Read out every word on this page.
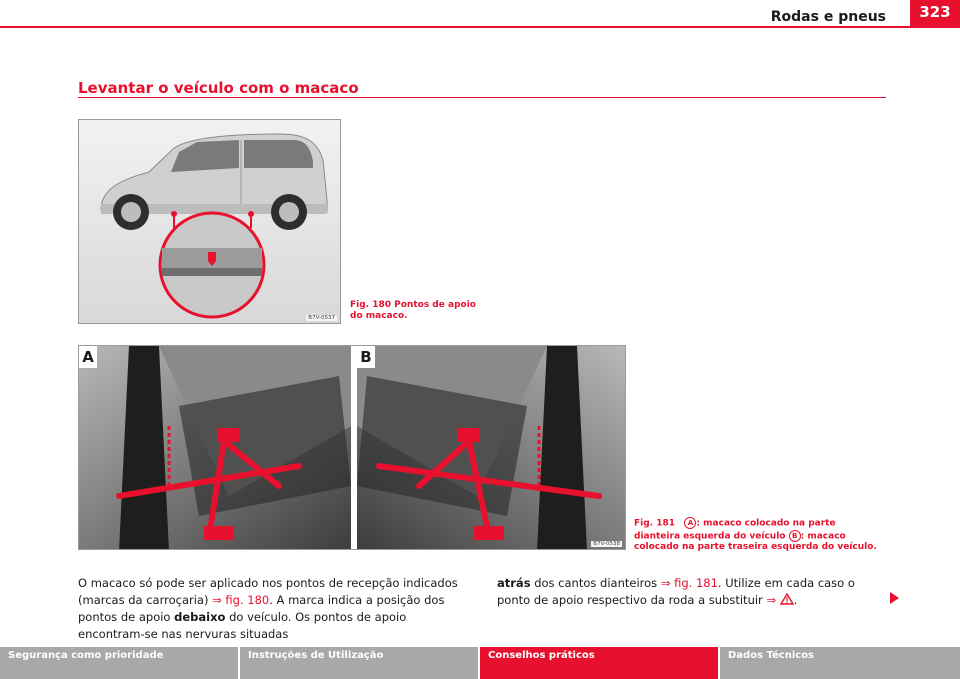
Rodas e pneus	323
Levantar o veículo com o macaco
B7V-0537
Fig. 180 Pontos de apoio do macaco.
A	B
B7V-0538
Fig. 181 A : macaco colocado na parte dianteira esquerda do veículo B : macaco colocado na parte traseira esquerda do veículo.
O macaco só pode ser aplicado nos pontos de recepção indicados (marcas da carroçaria) ⇒ fig. 180. A marca indica a posição dos pontos de apoio debaixo do veículo. Os pontos de apoio encontram-se nas nervuras situadas
atrás dos cantos dianteiros ⇒ fig. 181. Utilize em cada caso o ponto de apoio respectivo da roda a substituir ⇒ .
Segurança como prioridade	Instruções de Utilização	Conselhos práticos	Dados Técnicos
